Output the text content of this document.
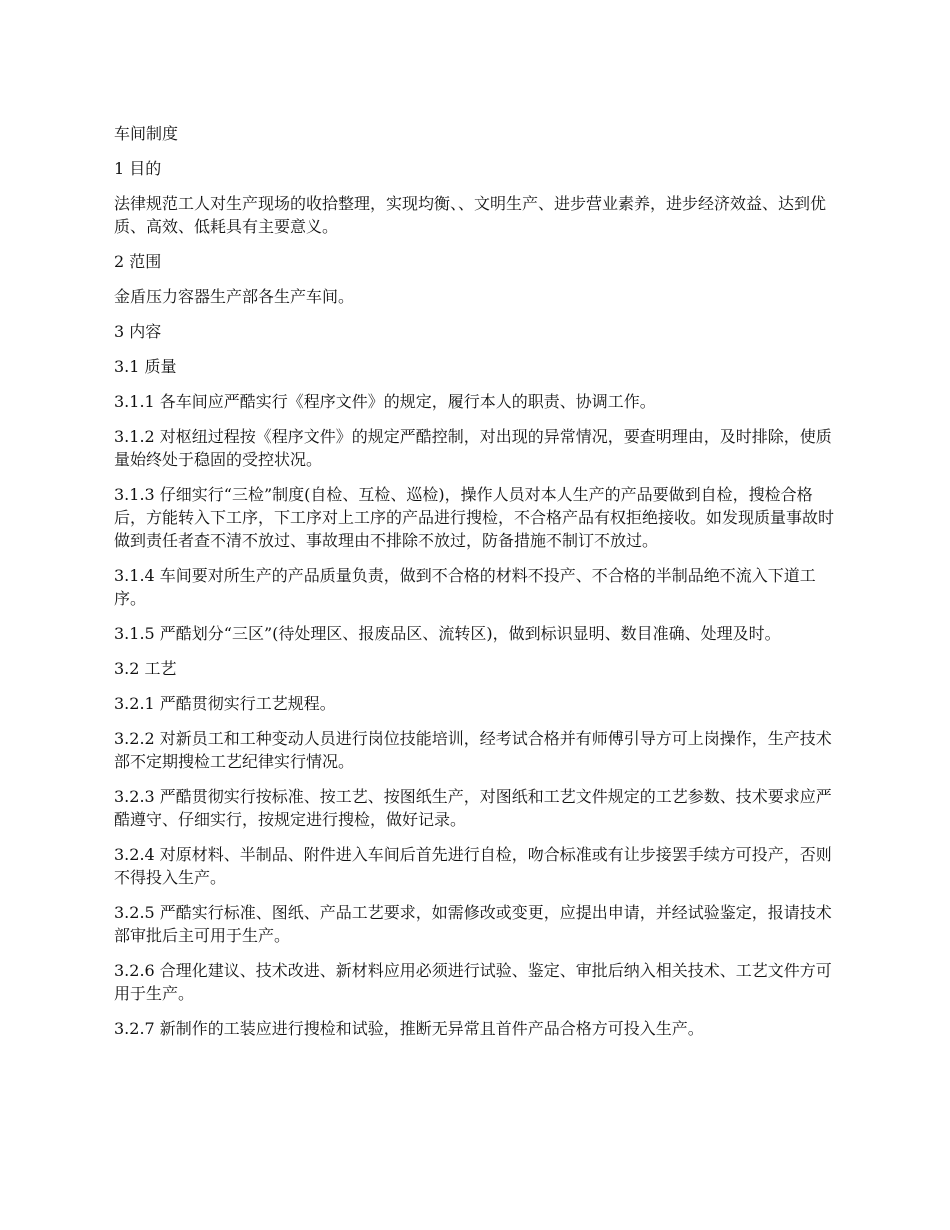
车间制度

1 目的

法律规范工人对生产现场的收拾整理，实现均衡、、文明生产、进步营业素养，进步经济效益、达到优质、高效、低耗具有主要意义。

2 范围

金盾压力容器生产部各生产车间。

3 内容

3.1 质量

3.1.1 各车间应严酷实行《程序文件》的规定，履行本人的职责、协调工作。

3.1.2 对枢纽过程按《程序文件》的规定严酷控制，对出现的异常情况，要查明理由，及时排除，使质量始终处于稳固的受控状况。

3.1.3 仔细实行“三检”制度(自检、互检、巡检)，操作人员对本人生产的产品要做到自检，搜检合格后，方能转入下工序，下工序对上工序的产品进行搜检，不合格产品有权拒绝接收。如发现质量事故时做到责任者查不清不放过、事故理由不排除不放过，防备措施不制订不放过。

3.1.4 车间要对所生产的产品质量负责，做到不合格的材料不投产、不合格的半制品绝不流入下道工序。

3.1.5 严酷划分“三区”(待处理区、报废品区、流转区)，做到标识显明、数目准确、处理及时。

3.2 工艺

3.2.1 严酷贯彻实行工艺规程。

3.2.2 对新员工和工种变动人员进行岗位技能培训，经考试合格并有师傅引导方可上岗操作，生产技术部不定期搜检工艺纪律实行情况。

3.2.3 严酷贯彻实行按标准、按工艺、按图纸生产，对图纸和工艺文件规定的工艺参数、技术要求应严酷遵守、仔细实行，按规定进行搜检，做好记录。

3.2.4 对原材料、半制品、附件进入车间后首先进行自检，吻合标准或有让步接罢手续方可投产，否则不得投入生产。

3.2.5 严酷实行标准、图纸、产品工艺要求，如需修改或变更，应提出申请，并经试验鉴定，报请技术部审批后主可用于生产。

3.2.6 合理化建议、技术改进、新材料应用必须进行试验、鉴定、审批后纳入相关技术、工艺文件方可用于生产。

3.2.7 新制作的工装应进行搜检和试验，推断无异常且首件产品合格方可投入生产。
